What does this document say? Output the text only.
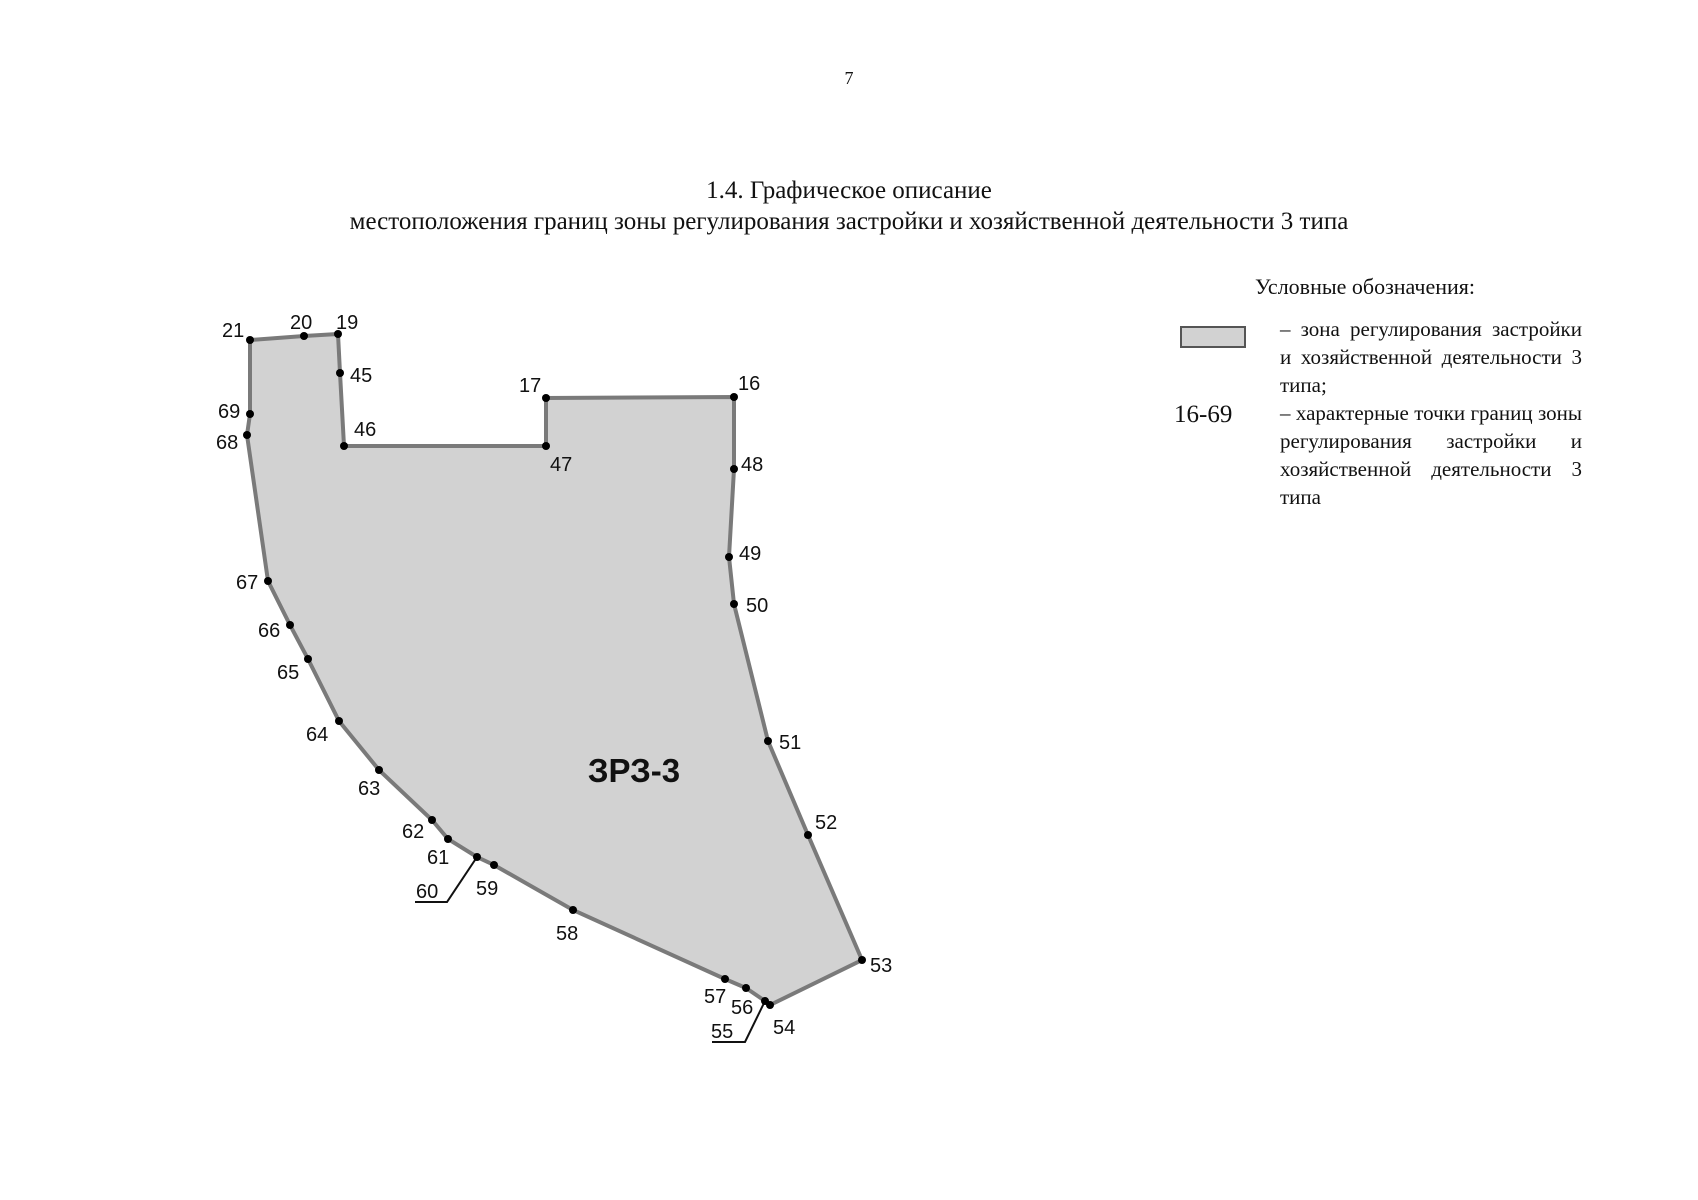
7
1.4. Графическое описание
местоположения границ зоны регулирования застройки и хозяйственной деятельности 3 типа
16
17
19
20
21
45
46
47	48
49
50
51
52
53
54
55
56
57
58
59
60
61
62
63
64
65
66
67
68
69
ЗРЗ-3
Условные обозначения:
– зона регулирования застройки и хозяйственной деятельности 3 типа;
16-69 – характерные точки границ зоны регулирования застройки и хозяйственной деятельности 3 типа
